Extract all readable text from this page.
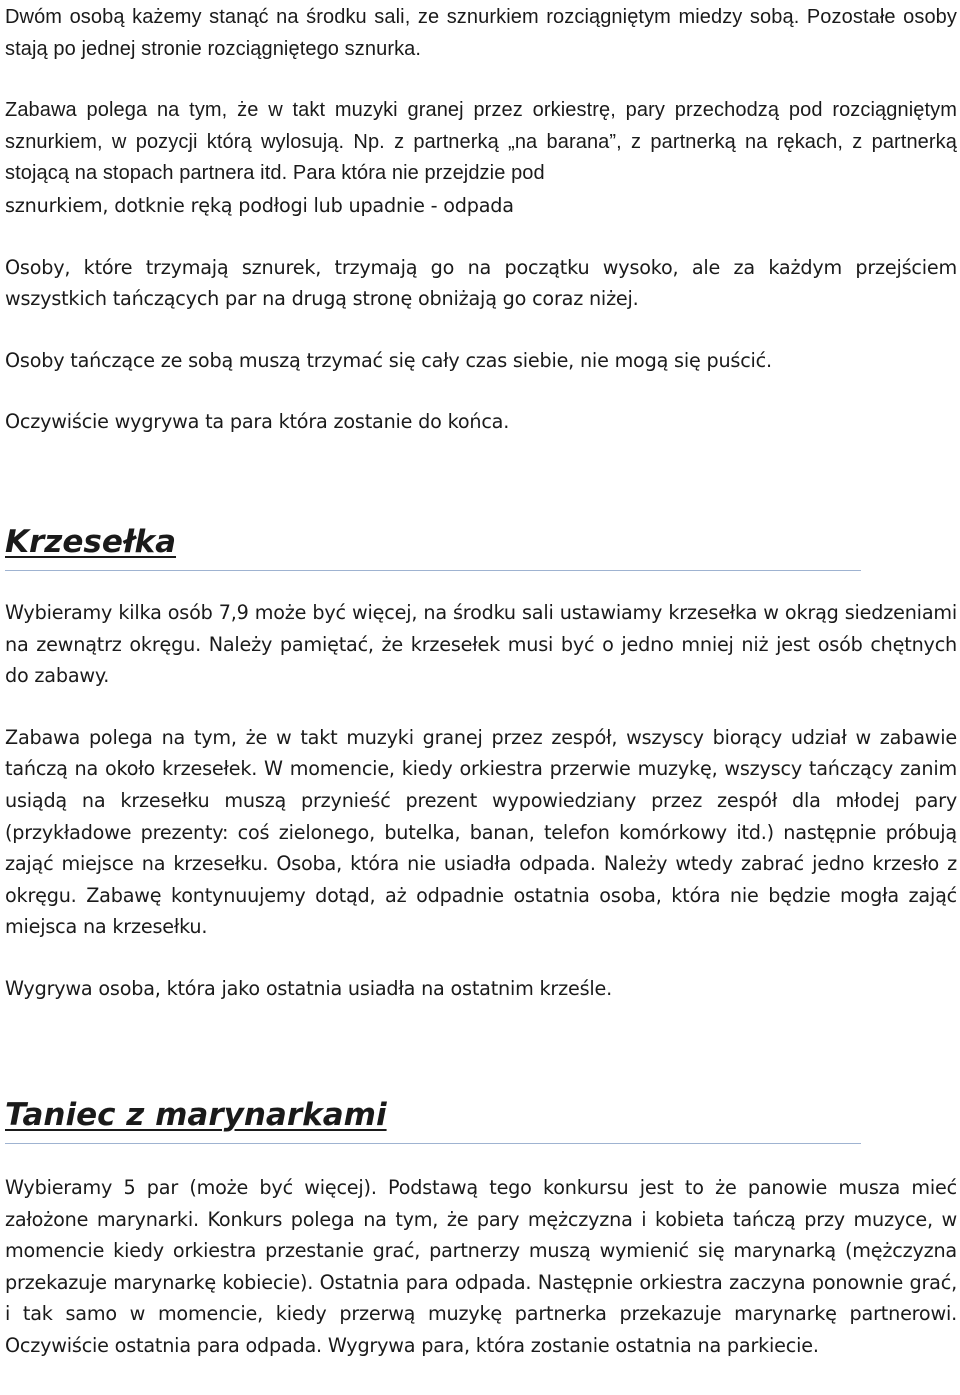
Dwóm osobą każemy stanąć na środku sali, ze sznurkiem rozciągniętym miedzy sobą. Pozostałe osoby stają po jednej stronie rozciągniętego sznurka.

Zabawa polega na tym, że w takt muzyki granej przez orkiestrę, pary przechodzą pod rozciągniętym sznurkiem, w pozycji którą wylosują. Np. z partnerką „na barana”, z partnerką na rękach, z partnerką stojącą na stopach partnera itd. Para która nie przejdzie pod

sznurkiem, dotknie ręką podłogi lub upadnie - odpada

Osoby, które trzymają sznurek, trzymają go na początku wysoko, ale za każdym przejściem wszystkich tańczących par na drugą stronę obniżają go coraz niżej.

Osoby tańczące ze sobą muszą trzymać się cały czas siebie, nie mogą się puścić.

Oczywiście wygrywa ta para która zostanie do końca.

Krzesełka

Wybieramy kilka osób 7,9 może być więcej, na środku sali ustawiamy krzesełka w okrąg siedzeniami na zewnątrz okręgu. Należy pamiętać, że krzesełek musi być o jedno mniej niż jest osób chętnych do zabawy.

Zabawa polega na tym, że w takt muzyki granej przez zespół, wszyscy biorący udział w zabawie tańczą na około krzesełek. W momencie, kiedy orkiestra przerwie muzykę, wszyscy tańczący zanim usiądą na krzesełku muszą przynieść prezent wypowiedziany przez zespół dla młodej pary (przykładowe prezenty: coś zielonego, butelka, banan, telefon komórkowy itd.) następnie próbują zająć miejsce na krzesełku. Osoba, która nie usiadła odpada. Należy wtedy zabrać jedno krzesło z okręgu. Zabawę kontynuujemy dotąd, aż odpadnie ostatnia osoba, która nie będzie mogła zająć miejsca na krzesełku.

Wygrywa osoba, która jako ostatnia usiadła na ostatnim krześle.

Taniec z marynarkami

Wybieramy 5 par (może być więcej). Podstawą tego konkursu jest to że panowie musza mieć założone marynarki. Konkurs polega na tym, że pary mężczyzna i kobieta tańczą przy muzyce, w momencie kiedy orkiestra przestanie grać, partnerzy muszą wymienić się marynarką (mężczyzna przekazuje marynarkę kobiecie). Ostatnia para odpada. Następnie orkiestra zaczyna ponownie grać, i tak samo w momencie, kiedy przerwą muzykę partnerka przekazuje marynarkę partnerowi. Oczywiście ostatnia para odpada. Wygrywa para, która zostanie ostatnia na parkiecie.
